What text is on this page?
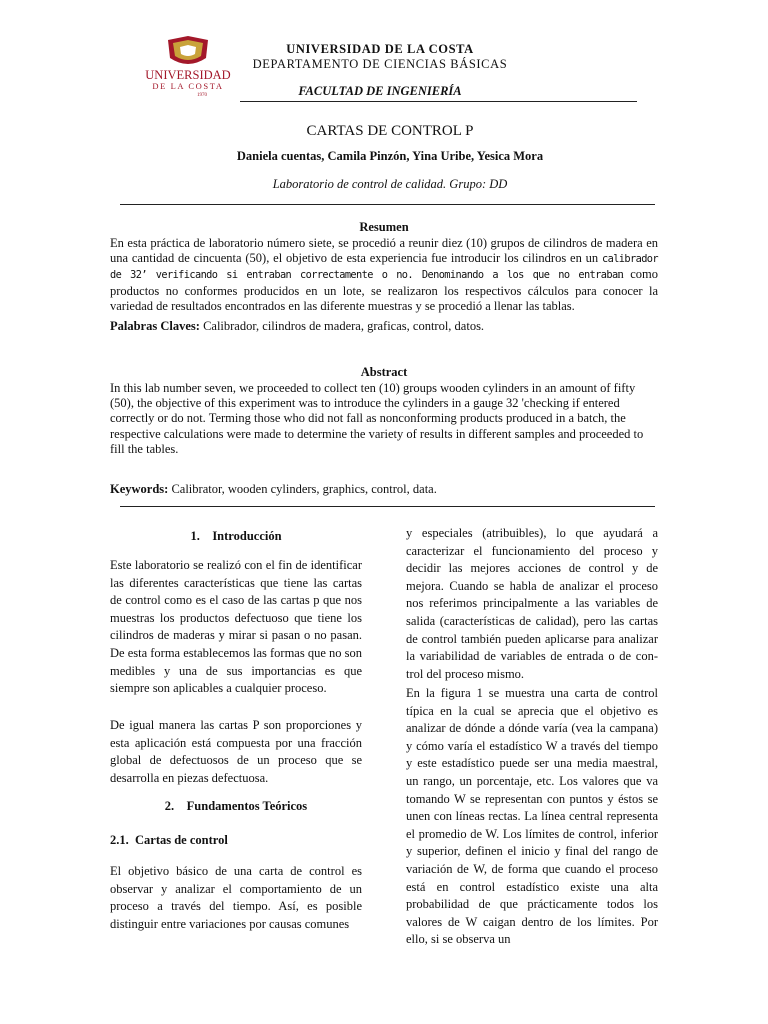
UNIVERSIDAD
DE LA COSTA
1970
UNIVERSIDAD DE LA COSTA
DEPARTAMENTO DE CIENCIAS BÁSICAS
FACULTAD DE INGENIERÍA
CARTAS DE CONTROL P
Daniela cuentas, Camila Pinzón, Yina Uribe, Yesica Mora
Laboratorio de control de calidad. Grupo: DD
Resumen
En esta práctica de laboratorio número siete, se procedió a reunir diez (10) grupos de cilindros de madera en una cantidad de cincuenta (50), el objetivo de esta experiencia fue introducir los cilindros en un calibrador de 32’ verificando si entraban correctamente o no. Denominando a los que no entraban como productos no conformes producidos en un lote, se realizaron los respectivos cálculos para conocer la variedad de resultados encontrados en las diferente muestras y se procedió a llenar las tablas.
Palabras Claves: Calibrador, cilindros de madera, graficas, control, datos.
Abstract
In this lab number seven, we proceeded to collect ten (10) groups wooden cylinders in an amount of fifty (50), the objective of this experiment was to introduce the cylinders in a gauge 32 'checking if entered correctly or do not. Terming those who did not fall as nonconforming products produced in a batch, the respective calculations were made to determine the variety of results in different samples and proceeded to fill the tables.
Keywords: Calibrator, wooden cylinders, graphics, control, data.
1.    Introducción
Este laboratorio se realizó con el fin de identificar las diferentes características que tiene las cartas de control como es el caso de las cartas p que nos muestras los productos defectuoso que tiene los cilindros de maderas y mirar si pasan o no pasan. De esta forma establecemos las formas que no son medibles y una de sus importancias es que siempre son aplicables a cualquier proceso.
De igual manera las cartas P son proporciones y esta aplicación está compuesta por una fracción global de defectuosos de un proceso que se desarrolla en piezas defectuosa.
2.    Fundamentos Teóricos
2.1.  Cartas de control
El objetivo básico de una carta de control es observar y analizar el comportamiento de un proceso a través del tiempo. Así, es posible distinguir entre variaciones por causas comunes
y especiales (atribuibles), lo que ayudará a caracterizar el funcionamiento del proceso y decidir las mejores acciones de control y de mejora. Cuando se habla de analizar el proceso nos referimos principalmente a las variables de salida (características de calidad), pero las cartas de control también pueden aplicarse para analizar la variabilidad de variables de entrada o de con-trol del proceso mismo.
En la figura 1 se muestra una carta de control típica en la cual se aprecia que el objetivo es analizar de dónde a dónde varía (vea la campana) y cómo varía el estadístico W a través del tiempo y este estadístico puede ser una media maestral, un rango, un porcentaje, etc. Los valores que va tomando W se representan con puntos y éstos se unen con líneas rectas. La línea central representa el promedio de W. Los límites de control, inferior y superior, definen el inicio y final del rango de variación de W, de forma que cuando el proceso está en control estadístico existe una alta probabilidad de que prácticamente todos los valores de W caigan dentro de los límites. Por ello, si se observa un
